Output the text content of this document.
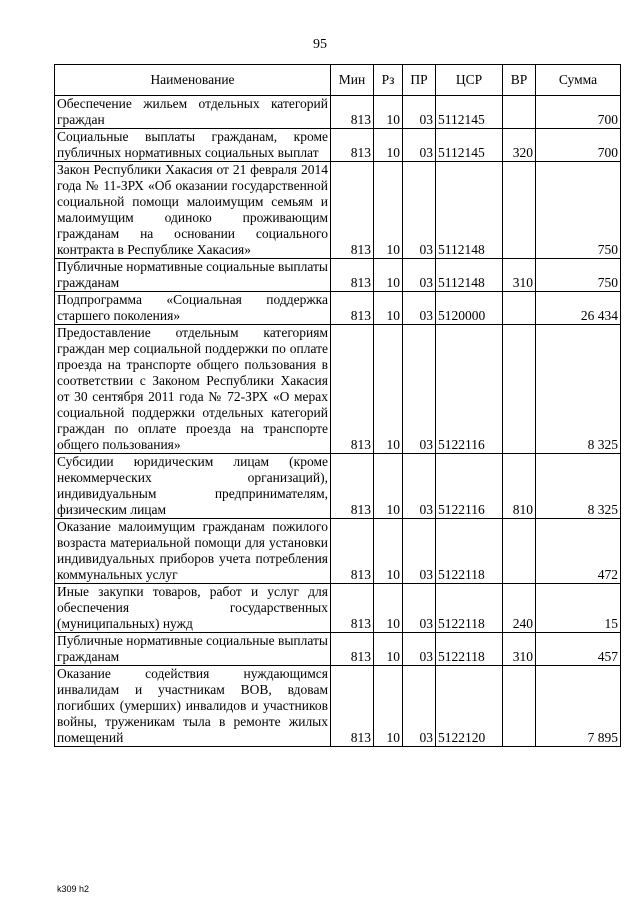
95
Наименование	Мин	Рз	ПР	ЦСР	ВР	Сумма
Обеспечение жильем отдельных категорий граждан	813	10	03	5112145		700
Социальные выплаты гражданам, кроме публичных нормативных социальных выплат	813	10	03	5112145	320	700
Закон Республики Хакасия от 21 февраля 2014 года № 11-ЗРХ «Об оказании государственной социальной помощи малоимущим семьям и малоимущим одиноко проживающим гражданам на основании социального контракта в Республике Хакасия»	813	10	03	5112148		750
Публичные нормативные социальные выплаты гражданам	813	10	03	5112148	310	750
Подпрограмма «Социальная поддержка старшего поколения»	813	10	03	5120000		26 434
Предоставление отдельным категориям граждан мер социальной поддержки по оплате проезда на транспорте общего пользования в соответствии с Законом Республики Хакасия от 30 сентября 2011 года № 72-ЗРХ «О мерах социальной поддержки отдельных категорий граждан по оплате проезда на транспорте общего пользования»	813	10	03	5122116		8 325
Субсидии юридическим лицам (кроме некоммерческих организаций), индивидуальным предпринимателям, физическим лицам	813	10	03	5122116	810	8 325
Оказание малоимущим гражданам пожилого возраста материальной помощи для установки индивидуальных приборов учета потребления коммунальных услуг	813	10	03	5122118		472
Иные закупки товаров, работ и услуг для обеспечения государственных (муниципальных) нужд	813	10	03	5122118	240	15
Публичные нормативные социальные выплаты гражданам	813	10	03	5122118	310	457
Оказание содействия нуждающимся инвалидам и участникам ВОВ, вдовам погибших (умерших) инвалидов и участников войны, труженикам тыла в ремонте жилых помещений	813	10	03	5122120		7 895
k309 h2
